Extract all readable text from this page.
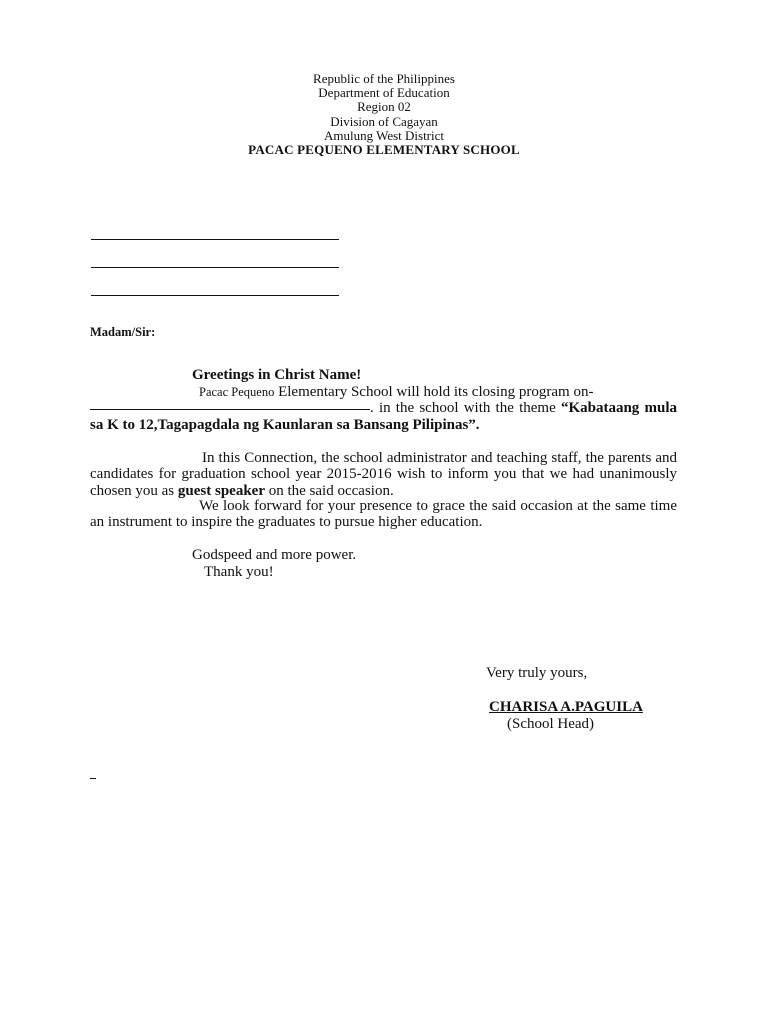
Republic of the Philippines
Department of Education
Region 02
Division of Cagayan
Amulung West District
PACAC PEQUENO ELEMENTARY SCHOOL
Madam/Sir:
Greetings in Christ Name!
Pacac Pequeno Elementary School will hold its closing program on-
. in the school with the theme “Kabataang mula sa K to 12,Tagapagdala ng Kaunlaran sa Bansang Pilipinas”.
In this Connection, the school administrator and teaching staff, the parents and candidates for graduation school year 2015-2016 wish to inform you that we had unanimously chosen you as guest speaker on the said occasion.
We look forward for your presence to grace the said occasion at the same time an instrument to inspire the graduates to pursue higher education.
Godspeed and more power.
Thank you!
Very truly yours,
CHARISA A.PAGUILA
(School Head)
